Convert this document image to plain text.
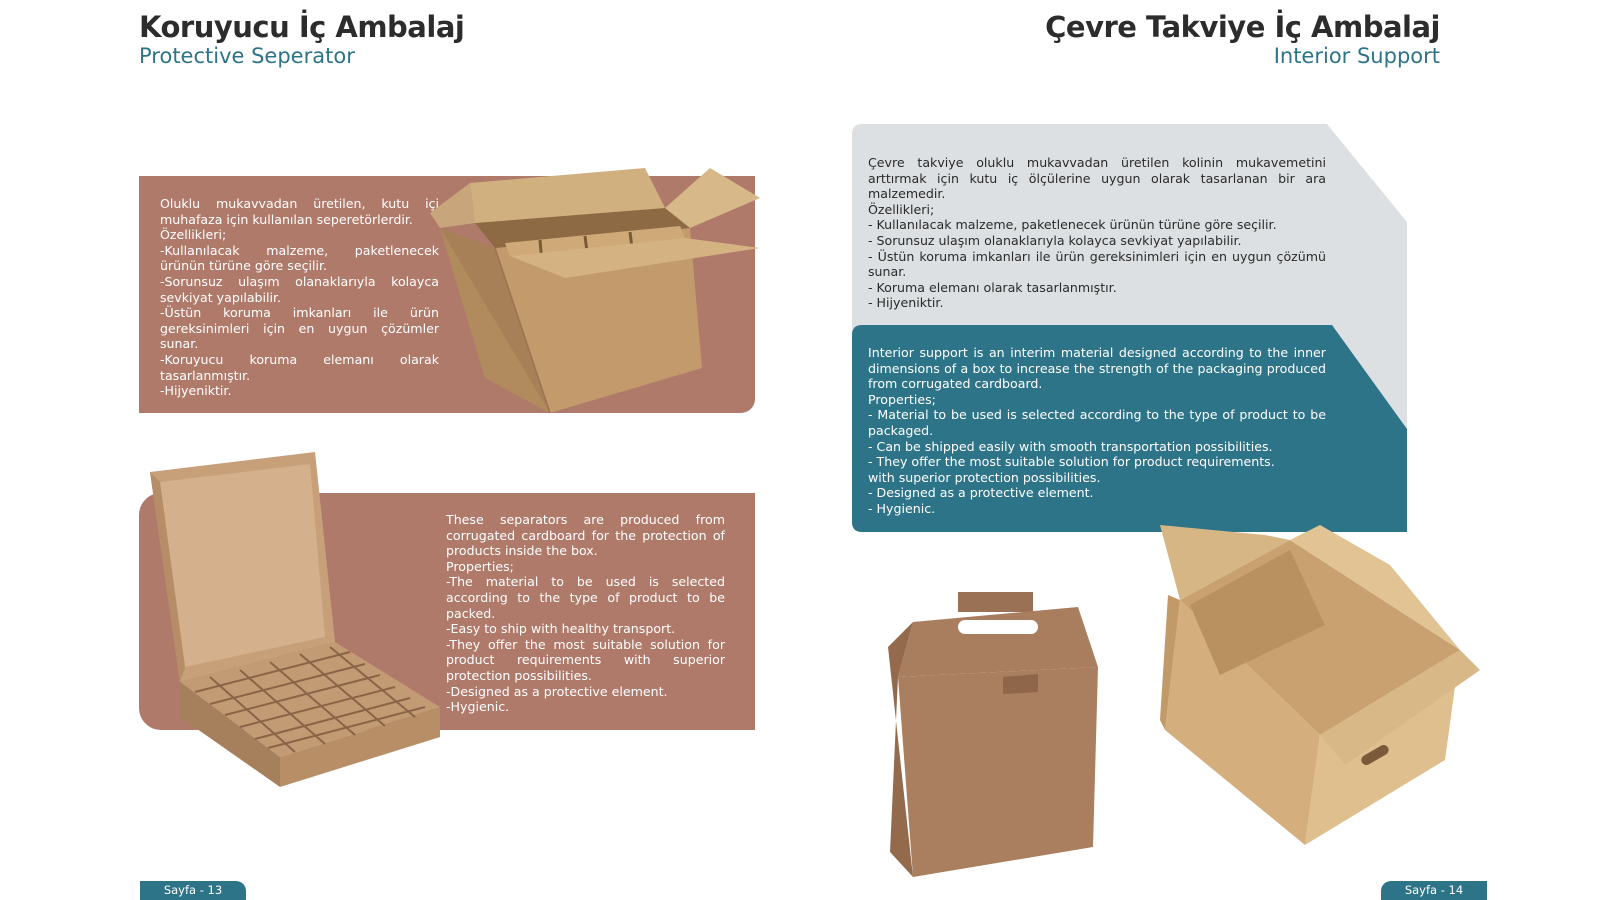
Koruyucu İç Ambalaj
Protective Seperator
Oluklu mukavvadan üretilen, kutu içi muhafaza için kullanılan seperetörlerdir.
Özellikleri;
-Kullanılacak malzeme, paketlenecek ürünün türüne göre seçilir.
-Sorunsuz ulaşım olanaklarıyla kolayca sevkiyat yapılabilir.
-Üstün koruma imkanları ile ürün gereksinimleri için en uygun çözümler sunar.
-Koruyucu koruma elemanı olarak tasarlanmıştır.
-Hijyeniktir.
These separators are produced from corrugated cardboard for the protection of products inside the box.
Properties;
-The material to be used is selected according to the type of product to be packed.
-Easy to ship with healthy transport.
-They offer the most suitable solution for product requirements with superior protection possibilities.
-Designed as a protective element.
-Hygienic.
Sayfa - 13
Çevre Takviye İç Ambalaj
Interior Support
Çevre takviye oluklu mukavvadan üretilen kolinin mukavemetini arttırmak için kutu iç ölçülerine uygun olarak tasarlanan bir ara malzemedir.
Özellikleri;
- Kullanılacak malzeme, paketlenecek ürünün türüne göre seçilir.
- Sorunsuz ulaşım olanaklarıyla kolayca sevkiyat yapılabilir.
- Üstün koruma imkanları ile ürün gereksinimleri için en uygun çözümü sunar.
- Koruma elemanı olarak tasarlanmıştır.
- Hijyeniktir.
Interior support is an interim material designed according to the inner dimensions of a box to increase the strength of the packaging produced from corrugated cardboard.
Properties;
- Material to be used is selected according to the type of product to be packaged.
- Can be shipped easily with smooth transportation possibilities.
- They offer the most suitable solution for product requirements.
with superior protection possibilities.
- Designed as a protective element.
- Hygienic.
Sayfa - 14
